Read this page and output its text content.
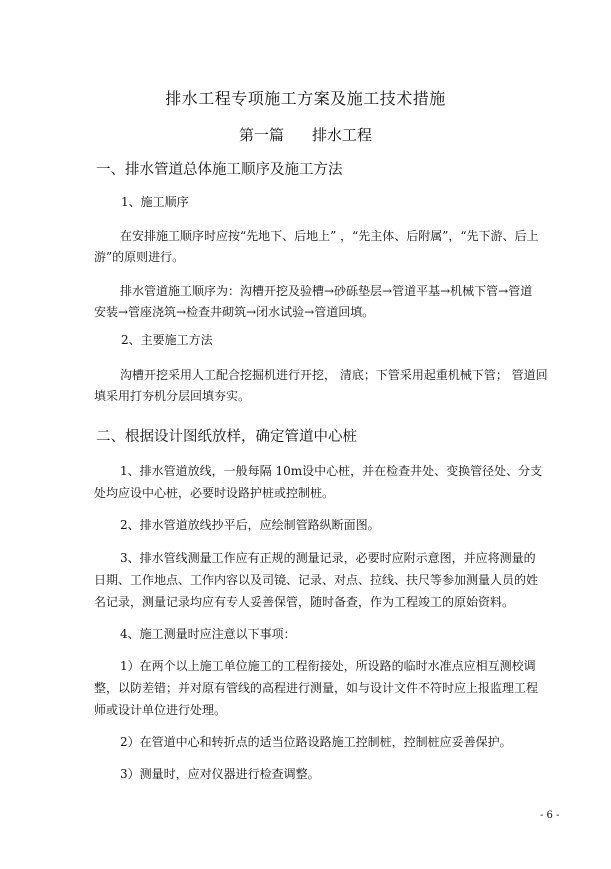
排水工程专项施工方案及施工技术措施
第一篇 排水工程
一、排水管道总体施工顺序及施工方法
1、施工顺序
在安排施工顺序时应按“先地下、后地上” ，“先主体、后附属”，“先下游、后上
游”的原则进行。
排水管道施工顺序为：沟槽开挖及验槽→砂砾垫层→管道平基→机械下管→管道
安装→管座浇筑→检查井砌筑→闭水试验→管道回填。
2、主要施工方法
沟槽开挖采用人工配合挖掘机进行开挖， 清底；下管采用起重机械下管； 管道回
填采用打夯机分层回填夯实。
二、根据设计图纸放样，确定管道中心桩
1、排水管道放线，一般每隔 10m设中心桩，并在检查井处、变换管径处、分支
处均应设中心桩，必要时设路护桩或控制桩。
2、排水管道放线抄平后，应绘制管路纵断面图。
3、排水管线测量工作应有正规的测量记录，必要时应附示意图，并应将测量的
日期、工作地点、工作内容以及司镜、记录、对点、拉线、扶尺等参加测量人员的姓
名记录，测量记录均应有专人妥善保管，随时备查，作为工程竣工的原始资料。
4、施工测量时应注意以下事项：
1）在两个以上施工单位施工的工程衔接处，所设路的临时水准点应相互测校调
整，以防差错；并对原有管线的高程进行测量，如与设计文件不符时应上报监理工程
师或设计单位进行处理。
2）在管道中心和转折点的适当位路设路施工控制桩，控制桩应妥善保护。
3）测量时，应对仪器进行检查调整。
- 6 -
